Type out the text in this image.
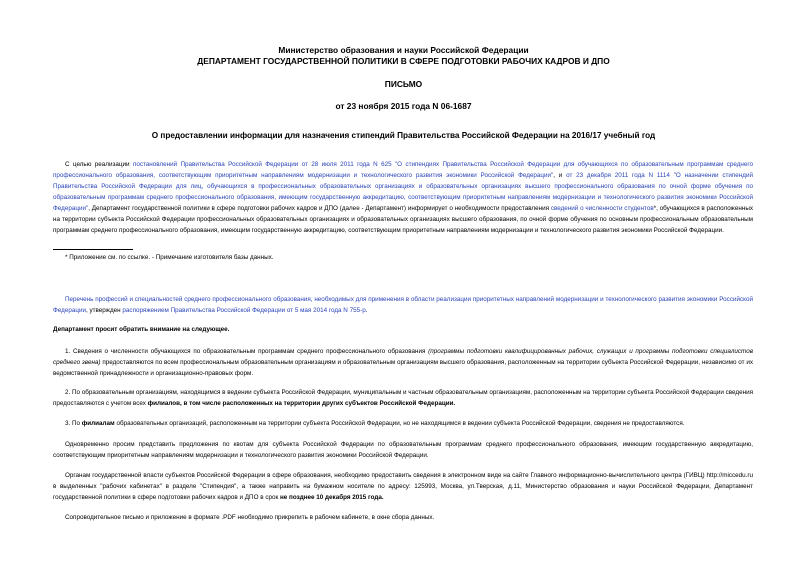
Министерство образования и науки Российской Федерации
ДЕПАРТАМЕНТ ГОСУДАРСТВЕННОЙ ПОЛИТИКИ В СФЕРЕ ПОДГОТОВКИ РАБОЧИХ КАДРОВ И ДПО
ПИСЬМО
от 23 ноября 2015 года N 06-1687
О предоставлении информации для назначения стипендий Правительства Российской Федерации на 2016/17 учебный год
С целью реализации постановлений Правительства Российской Федерации от 28 июля 2011 года N 625 "О стипендиях Правительства Российской Федерации для обучающихся по образовательным программам среднего профессионального образования, соответствующим приоритетным направлениям модернизации и технологического развития экономики Российской Федерации", и от 23 декабря 2011 года N 1114 "О назначении стипендий Правительства Российской Федерации для лиц, обучающихся в профессиональных образовательных организациях и образовательных организациях высшего профессионального образования по очной форме обучения по образовательным программам среднего профессионального образования, имеющим государственную аккредитацию, соответствующим приоритетным направлениям модернизации и технологического развития экономики Российской Федерации", Департамент государственной политики в сфере подготовки рабочих кадров и ДПО (далее - Департамент) информирует о необходимости предоставления сведений о численности студентов*, обучающихся в расположенных на территории субъекта Российской Федерации профессиональных образовательных организациях и образовательных организациях высшего образования, по очной форме обучения по основным профессиональным образовательным программам среднего профессионального образования, имеющим государственную аккредитацию, соответствующим приоритетным направлениям модернизации и технологического развития экономики Российской Федерации.
* Приложение см. по ссылке. - Примечание изготовителя базы данных.
Перечень профессий и специальностей среднего профессионального образования, необходимых для применения в области реализации приоритетных направлений модернизации и технологического развития экономики Российской Федерации, утвержден распоряжением Правительства Российской Федерации от 5 мая 2014 года N 755-р.
Департамент просит обратить внимание на следующее.
1. Сведения о численности обучающихся по образовательным программам среднего профессионального образования (программы подготовки квалифицированных рабочих, служащих и программы подготовки специалистов среднего звена) предоставляются по всем профессиональным образовательным организациям и образовательным организациям высшего образования, расположенным на территории субъекта Российской Федерации, независимо от их ведомственной принадлежности и организационно-правовых форм.
2. По образовательным организациям, находящимся в ведении субъекта Российской Федерации, муниципальным и частным образовательным организациям, расположенным на территории субъекта Российской Федерации сведения предоставляются с учетом всех филиалов, в том числе расположенных на территории других субъектов Российской Федерации.
3. По филиалам образовательных организаций, расположенным на территории субъекта Российской Федерации, но не находящимся в ведении субъекта Российской Федерации, сведения не предоставляются.
Одновременно просим представить предложения по квотам для субъекта Российской Федерации по образовательным программам среднего профессионального образования, имеющим государственную аккредитацию, соответствующим приоритетным направлениям модернизации и технологического развития экономики Российской Федерации.
Органам государственной власти субъектов Российской Федерации в сфере образования, необходимо предоставить сведения в электронном виде на сайте Главного информационно-вычислительного центра (ГИВЦ) http://miccedu.ru в выделенных "рабочих кабинетах" в разделе "Стипендия", а также направить на бумажном носителе по адресу: 125993, Москва, ул.Тверская, д.11, Министерство образования и науки Российской Федерации, Департамент государственной политики в сфере подготовки рабочих кадров и ДПО в срок не позднее 10 декабря 2015 года.
Сопроводительное письмо и приложение в формате .PDF необходимо прикрепить в рабочем кабинете, в окне сбора данных.
